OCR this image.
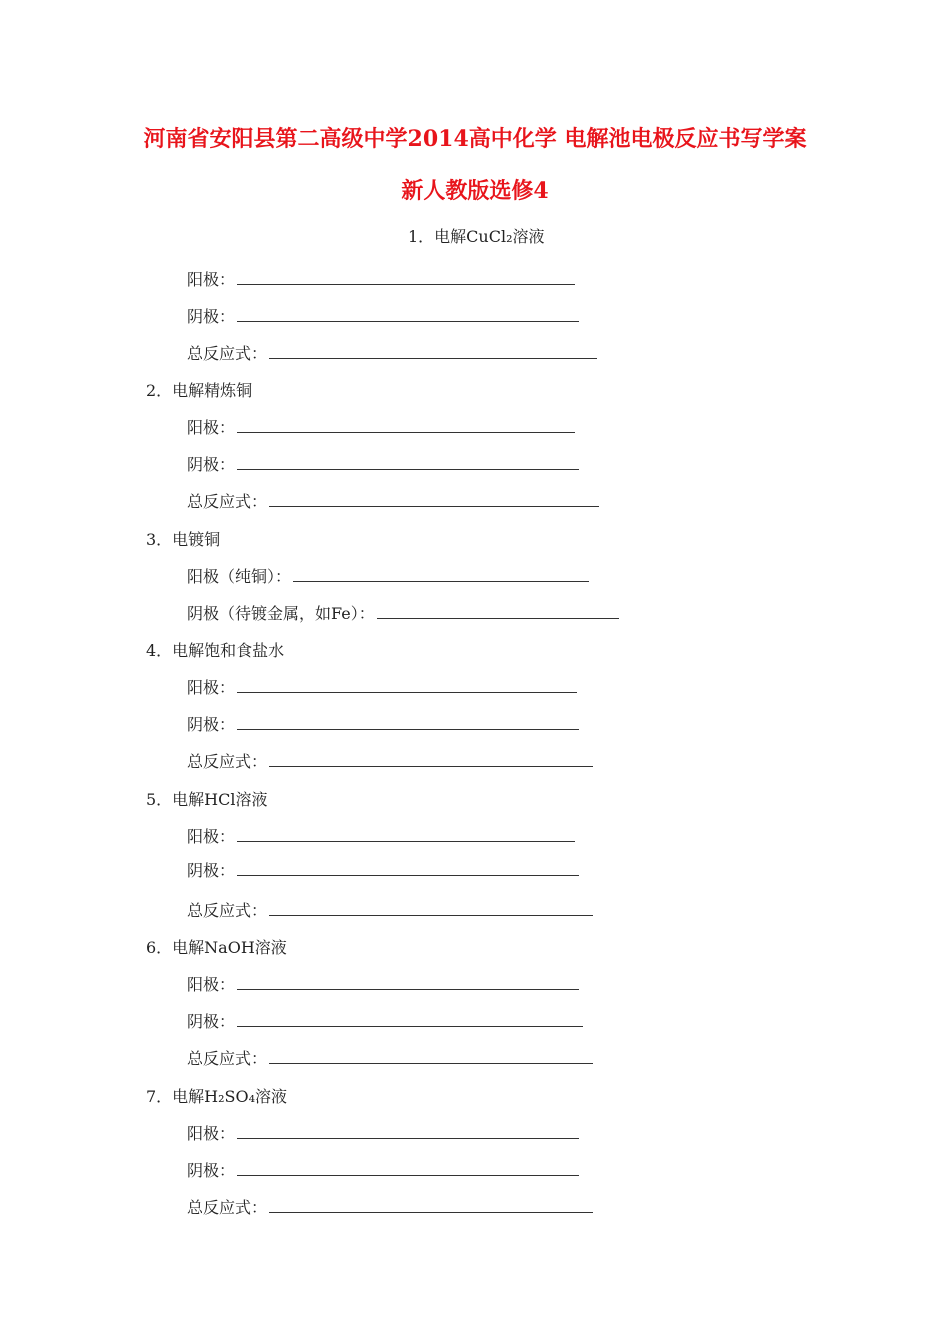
河南省安阳县第二高级中学2014高中化学 电解池电极反应书写学案
新人教版选修4
1．电解CuCl₂溶液
阳极：
阴极：
总反应式：
2．电解精炼铜
阳极：
阴极：
总反应式：
3．电镀铜
阳极（纯铜）：
阴极（待镀金属，如Fe）：
4．电解饱和食盐水
阳极：
阴极：
总反应式：
5．电解HCl溶液
阳极：
阴极：
总反应式：
6．电解NaOH溶液
阳极：
阴极：
总反应式：
7．电解H₂SO₄溶液
阳极：
阴极：
总反应式：
